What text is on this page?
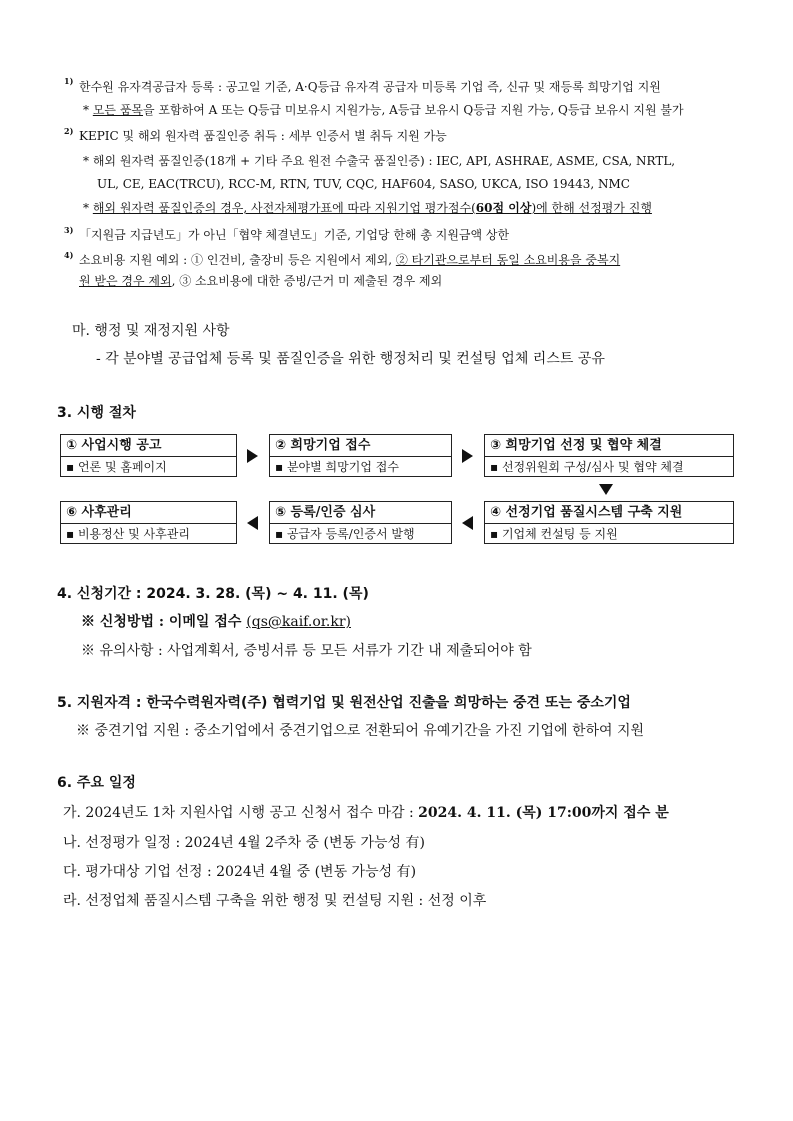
1) 한수원 유자격공급자 등록 : 공고일 기준, A·Q등급 유자격 공급자 미등록 기업 즉, 신규 및 재등록 희망기업 지원
* 모든 품목을 포함하여 A 또는 Q등급 미보유시 지원가능, A등급 보유시 Q등급 지원 가능, Q등급 보유시 지원 불가
2) KEPIC 및 해외 원자력 품질인증 취득 : 세부 인증서 별 취득 지원 가능
* 해외 원자력 품질인증(18개 + 기타 주요 원전 수출국 품질인증) : IEC, API, ASHRAE, ASME, CSA, NRTL,
UL, CE, EAC(TRCU), RCC-M, RTN, TUV, CQC, HAF604, SASO, UKCA, ISO 19443, NMC
* 해외 원자력 품질인증의 경우, 사전자체평가표에 따라 지원기업 평가점수(60점 이상)에 한해 선정평가 진행
3) 「지원금 지급년도」가 아닌「협약 체결년도」기준, 기업당 한해 총 지원금액 상한
4) 소요비용 지원 예외 : ① 인건비, 출장비 등은 지원에서 제외, ② 타기관으로부터 동일 소요비용을 중복지
원 받은 경우 제외, ③ 소요비용에 대한 증빙/근거 미 제출된 경우 제외
마. 행정 및 재정지원 사항
- 각 분야별 공급업체 등록 및 품질인증을 위한 행정처리 및 컨설팅 업체 리스트 공유
3. 시행 절차
① 사업시행 공고
▪ 언론 및 홈페이지
② 희망기업 접수
▪ 분야별 희망기업 접수
③ 희망기업 선정 및 협약 체결
▪ 선정위원회 구성/심사 및 협약 체결
⑥ 사후관리
▪ 비용정산 및 사후관리
⑤ 등록/인증 심사
▪ 공급자 등록/인증서 발행
④ 선정기업 품질시스템 구축 지원
▪ 기업체 컨설팅 등 지원
4. 신청기간 : 2024. 3. 28. (목) ~ 4. 11. (목)
※ 신청방법 : 이메일 접수 (qs@kaif.or.kr)
※ 유의사항 : 사업계획서, 증빙서류 등 모든 서류가 기간 내 제출되어야 함
5. 지원자격 : 한국수력원자력(주) 협력기업 및 원전산업 진출을 희망하는 중견 또는 중소기업
※ 중견기업 지원 : 중소기업에서 중견기업으로 전환되어 유예기간을 가진 기업에 한하여 지원
6. 주요 일정
가. 2024년도 1차 지원사업 시행 공고 신청서 접수 마감 : 2024. 4. 11. (목) 17:00까지 접수 분
나. 선정평가 일정 : 2024년 4월 2주차 중 (변동 가능성 有)
다. 평가대상 기업 선정 : 2024년 4월 중 (변동 가능성 有)
라. 선정업체 품질시스템 구축을 위한 행정 및 컨설팅 지원 : 선정 이후
